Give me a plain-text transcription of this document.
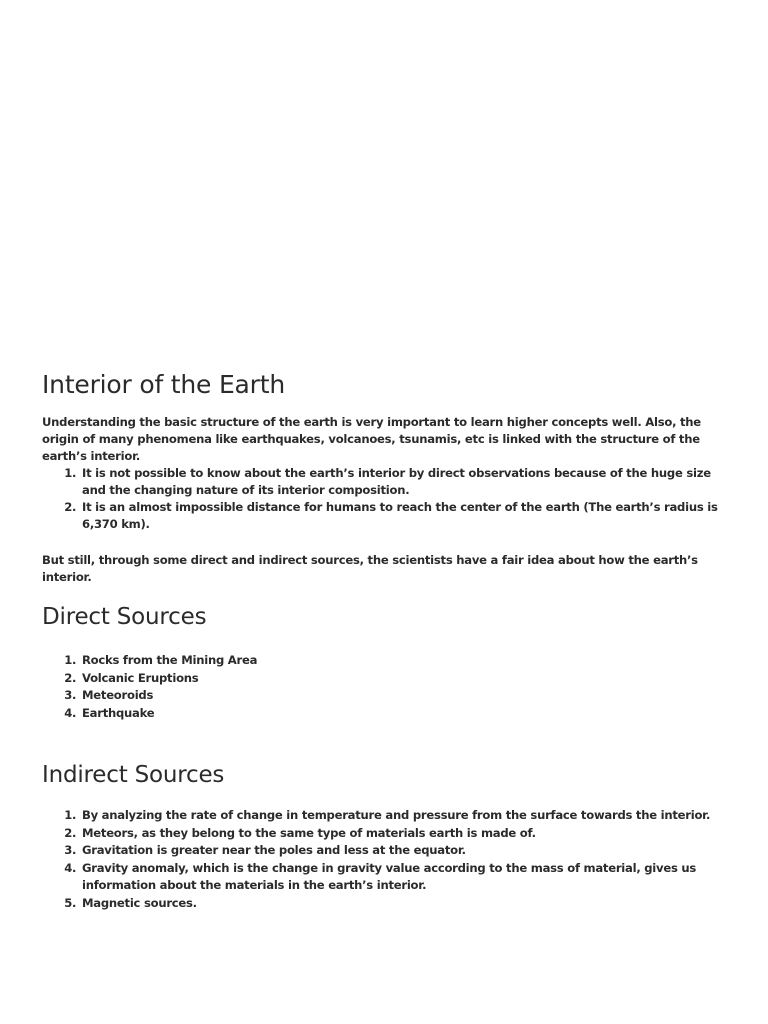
Interior of the Earth

Understanding the basic structure of the earth is very important to learn higher concepts well. Also, the origin of many phenomena like earthquakes, volcanoes, tsunamis, etc is linked with the structure of the earth’s interior.

1. It is not possible to know about the earth’s interior by direct observations because of the huge size and the changing nature of its interior composition.
2. It is an almost impossible distance for humans to reach the center of the earth (The earth’s radius is 6,370 km).

But still, through some direct and indirect sources, the scientists have a fair idea about how the earth’s interior.

Direct Sources
1. Rocks from the Mining Area
2. Volcanic Eruptions
3. Meteoroids
4. Earthquake
Indirect Sources
1. By analyzing the rate of change in temperature and pressure from the surface towards the interior.
2. Meteors, as they belong to the same type of materials earth is made of.
3. Gravitation is greater near the poles and less at the equator.
4. Gravity anomaly, which is the change in gravity value according to the mass of material, gives us information about the materials in the earth’s interior.
5. Magnetic sources.
